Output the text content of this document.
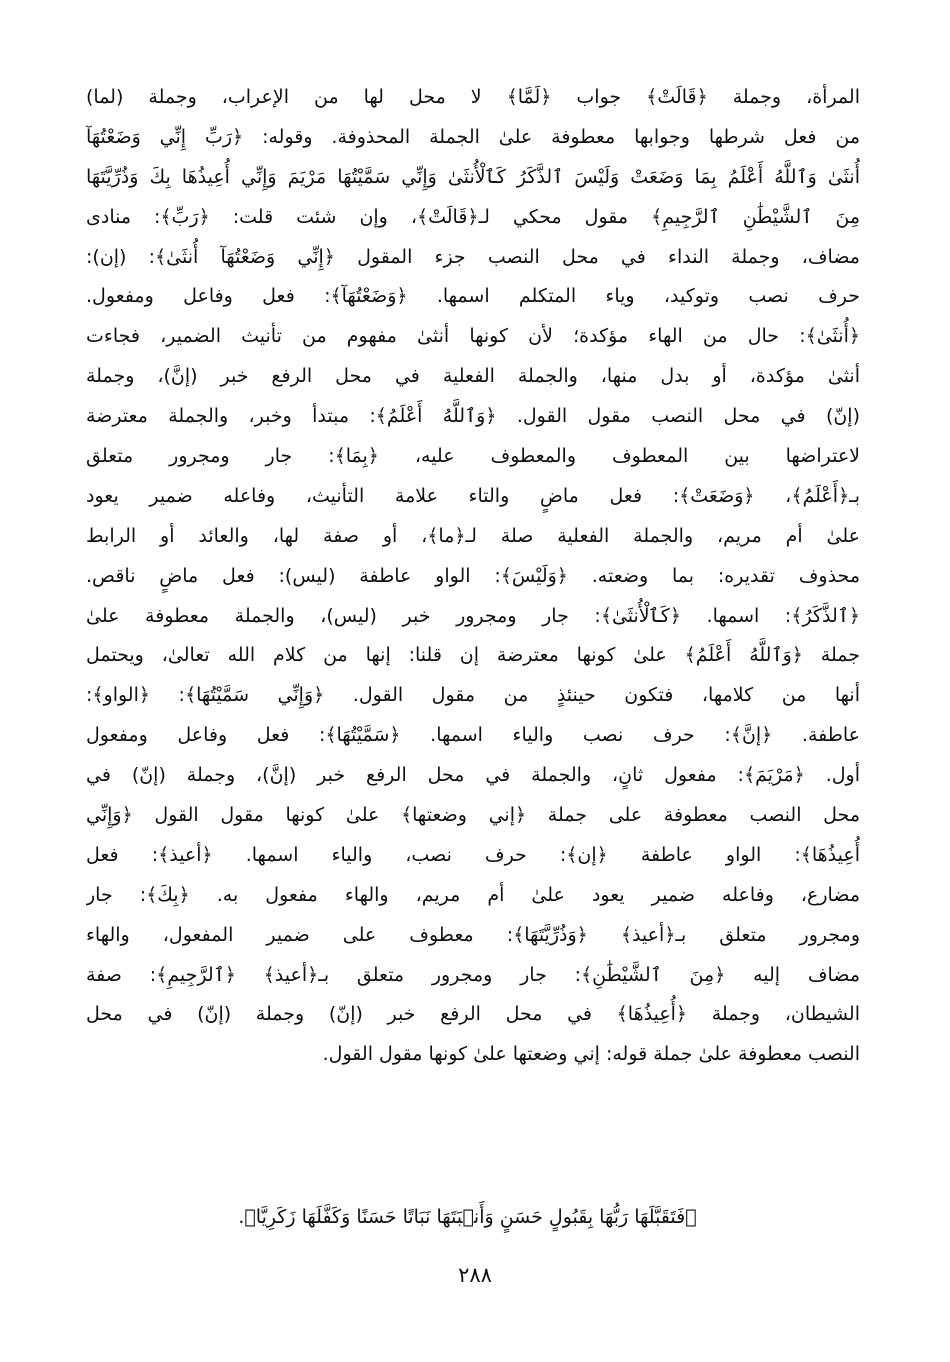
المرأة، وجملة ﴿قَالَتْ﴾ جواب ﴿لَمَّا﴾ لا محل لها من الإعراب، وجملة (لما)
من فعل شرطها وجوابها معطوفة علىٰ الجملة المحذوفة. وقوله: ﴿رَبِّ إِنِّي وَضَعْتُهَآ
أُنثَىٰ وَٱللَّهُ أَعْلَمُ بِمَا وَضَعَتْ وَلَيْسَ ٱلذَّكَرُ كَٱلْأُنثَىٰ وَإِنِّي سَمَّيْتُهَا مَرْيَمَ وَإِنِّي أُعِيذُهَا بِكَ وَذُرِّيَّتَهَا
مِنَ ٱلشَّيْطَٰنِ ٱلرَّجِيمِ﴾ مقول محكي لـ﴿قَالَتْ﴾، وإن شئت قلت: ﴿رَبِّ﴾: منادى
مضاف، وجملة النداء في محل النصب جزء المقول ﴿إِنِّي وَضَعْتُهَآ أُنثَىٰ﴾: (إن):
حرف نصب وتوكيد، وياء المتكلم اسمها. ﴿وَضَعْتُهَآ﴾: فعل وفاعل ومفعول.
﴿أُنثَىٰ﴾: حال من الهاء مؤكدة؛ لأن كونها أنثىٰ مفهوم من تأنيث الضمير، فجاءت
أنثىٰ مؤكدة، أو بدل منها، والجملة الفعلية في محل الرفع خبر (إنَّ)، وجملة
(إنّ) في محل النصب مقول القول. ﴿وَٱللَّهُ أَعْلَمُ﴾: مبتدأ وخبر، والجملة معترضة
لاعتراضها بين المعطوف والمعطوف عليه، ﴿بِمَا﴾: جار ومجرور متعلق
بـ﴿أَعْلَمُ﴾، ﴿وَضَعَتْ﴾: فعل ماضٍ والتاء علامة التأنيث، وفاعله ضمير يعود
علىٰ أم مريم، والجملة الفعلية صلة لـ﴿ما﴾، أو صفة لها، والعائد أو الرابط
محذوف تقديره: بما وضعته. ﴿وَلَيْسَ﴾: الواو عاطفة (ليس): فعل ماضٍ ناقص.
﴿ٱلذَّكَرُ﴾: اسمها. ﴿كَٱلْأُنثَىٰ﴾: جار ومجرور خبر (ليس)، والجملة معطوفة علىٰ
جملة ﴿وَٱللَّهُ أَعْلَمُ﴾ علىٰ كونها معترضة إن قلنا: إنها من كلام الله تعالىٰ، ويحتمل
أنها من كلامها، فتكون حينئذٍ من مقول القول. ﴿وَإِنِّي سَمَّيْتُهَا﴾: ﴿الواو﴾:
عاطفة. ﴿إنَّ﴾: حرف نصب والياء اسمها. ﴿سَمَّيْتُهَا﴾: فعل وفاعل ومفعول
أول. ﴿مَرْيَمَ﴾: مفعول ثانٍ، والجملة في محل الرفع خبر (إنَّ)، وجملة (إنّ) في
محل النصب معطوفة على جملة ﴿إني وضعتها﴾ علىٰ كونها مقول القول ﴿وَإِنِّي
أُعِيذُهَا﴾: الواو عاطفة ﴿إن﴾: حرف نصب، والياء اسمها. ﴿أعيذ﴾: فعل
مضارع، وفاعله ضمير يعود علىٰ أم مريم، والهاء مفعول به. ﴿بِكَ﴾: جار
ومجرور متعلق بـ﴿أعيذ﴾ ﴿وَذُرِّيَّتَهَا﴾: معطوف على ضمير المفعول، والهاء
مضاف إليه ﴿مِنَ ٱلشَّيْطَٰنِ﴾: جار ومجرور متعلق بـ﴿أعيذ﴾ ﴿ٱلرَّجِيمِ﴾: صفة
الشيطان، وجملة ﴿أُعِيذُهَا﴾ في محل الرفع خبر (إنّ) وجملة (إنّ) في محل
النصب معطوفة علىٰ جملة قوله: إني وضعتها علىٰ كونها مقول القول.
﴿فَتَقَبَّلَهَا رَبُّهَا بِقَبُولٍ حَسَنٍ وَأَنۢبَتَهَا نَبَاتًا حَسَنًا وَكَفَّلَهَا زَكَرِيَّا﴾.
٢٨٨
